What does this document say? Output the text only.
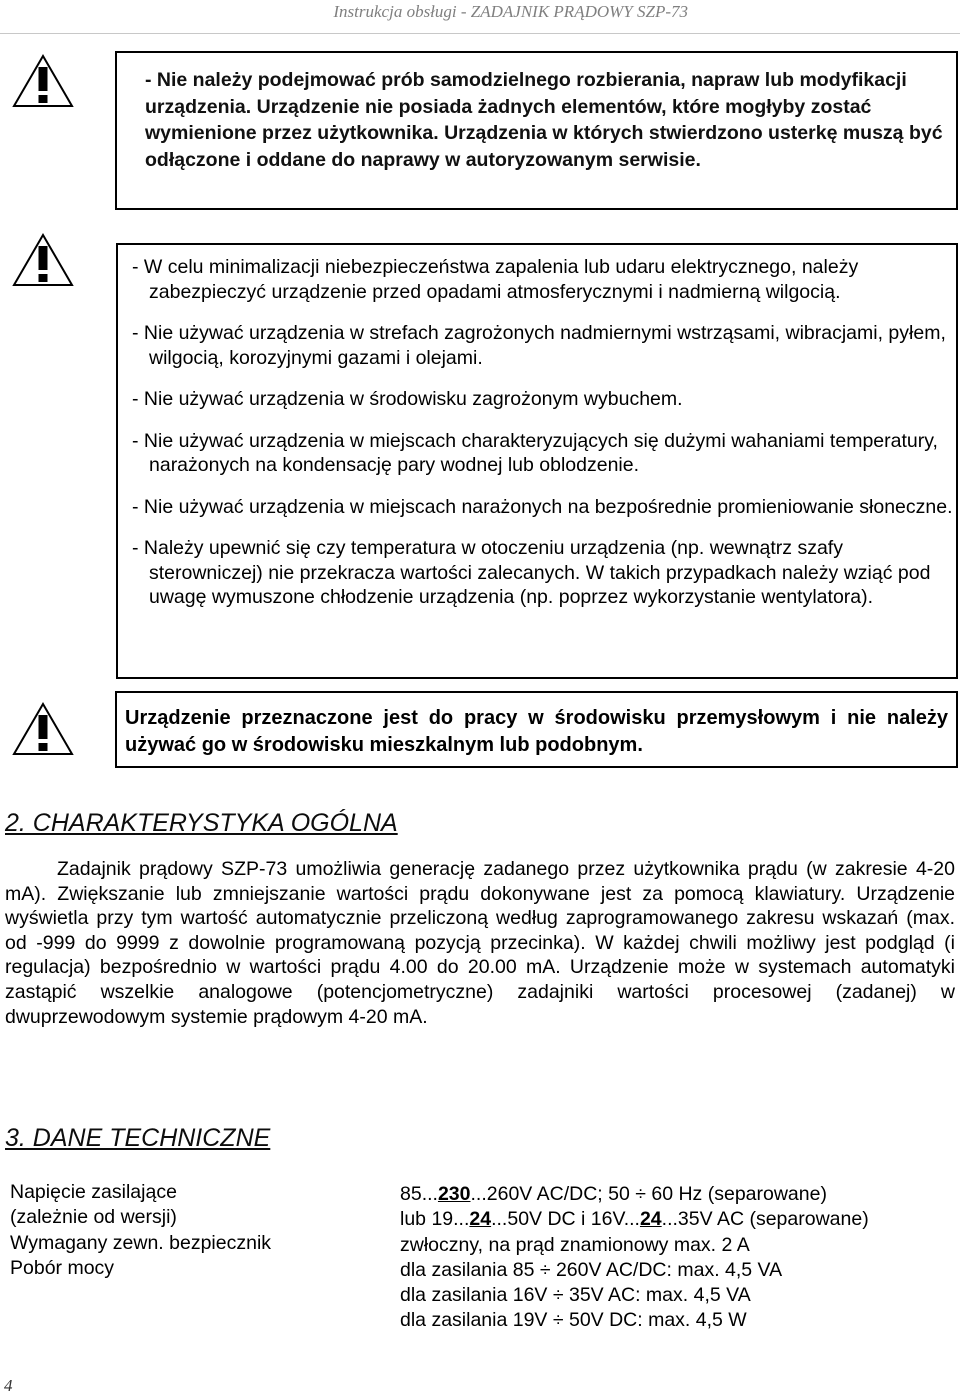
Instrukcja obsługi - ZADAJNIK PRĄDOWY SZP-73

- Nie należy podejmować prób samodzielnego rozbierania, napraw lub modyfikacji urządzenia. Urządzenie nie posiada żadnych elementów, które mogłyby zostać wymienione przez użytkownika. Urządzenia w których stwierdzono usterkę muszą być odłączone i oddane do naprawy w autoryzowanym serwisie.

- W celu minimalizacji niebezpieczeństwa zapalenia lub udaru elektrycznego, należy zabezpieczyć urządzenie przed opadami atmosferycznymi i nadmierną wilgocią.
- Nie używać urządzenia w strefach zagrożonych nadmiernymi wstrząsami, wibracjami, pyłem, wilgocią, korozyjnymi gazami i olejami.
- Nie używać urządzenia w środowisku zagrożonym wybuchem.
- Nie używać urządzenia w miejscach charakteryzujących się dużymi wahaniami temperatury, narażonych na kondensację pary wodnej lub oblodzenie.
- Nie używać urządzenia w miejscach narażonych na bezpośrednie promieniowanie słoneczne.
- Należy upewnić się czy temperatura w otoczeniu urządzenia (np. wewnątrz szafy sterowniczej) nie przekracza wartości zalecanych. W takich przypadkach należy wziąć pod uwagę wymuszone chłodzenie urządzenia (np. poprzez wykorzystanie wentylatora).

Urządzenie przeznaczone jest do pracy w środowisku przemysłowym i nie należy używać go w środowisku mieszkalnym lub podobnym.

2. CHARAKTERYSTYKA OGÓLNA

Zadajnik prądowy SZP-73 umożliwia generację zadanego przez użytkownika prądu (w zakresie 4-20 mA). Zwiększanie lub zmniejszanie wartości prądu dokonywane jest za pomocą klawiatury. Urządzenie wyświetla przy tym wartość automatycznie przeliczoną według zaprogramowanego zakresu wskazań (max. od -999 do 9999 z dowolnie programowaną pozycją przecinka). W każdej chwili możliwy jest podgląd (i regulacja) bezpośrednio w wartości prądu 4.00 do 20.00 mA. Urządzenie może w systemach automatyki zastąpić wszelkie analogowe (potencjometryczne) zadajniki wartości procesowej (zadanej) w dwuprzewodowym systemie prądowym 4-20 mA.

3. DANE TECHNICZNE
Napięcie zasilające
(zależnie od wersji)
Wymagany zewn. bezpiecznik
Pobór mocy
85...230...260V AC/DC; 50 ÷ 60 Hz (separowane)
lub 19...24...50V DC i 16V...24...35V AC (separowane)
zwłoczny, na prąd znamionowy max. 2 A
dla zasilania 85 ÷ 260V AC/DC: max. 4,5 VA
dla zasilania 16V ÷ 35V AC: max. 4,5 VA
dla zasilania 19V ÷ 50V DC: max. 4,5 W
4
